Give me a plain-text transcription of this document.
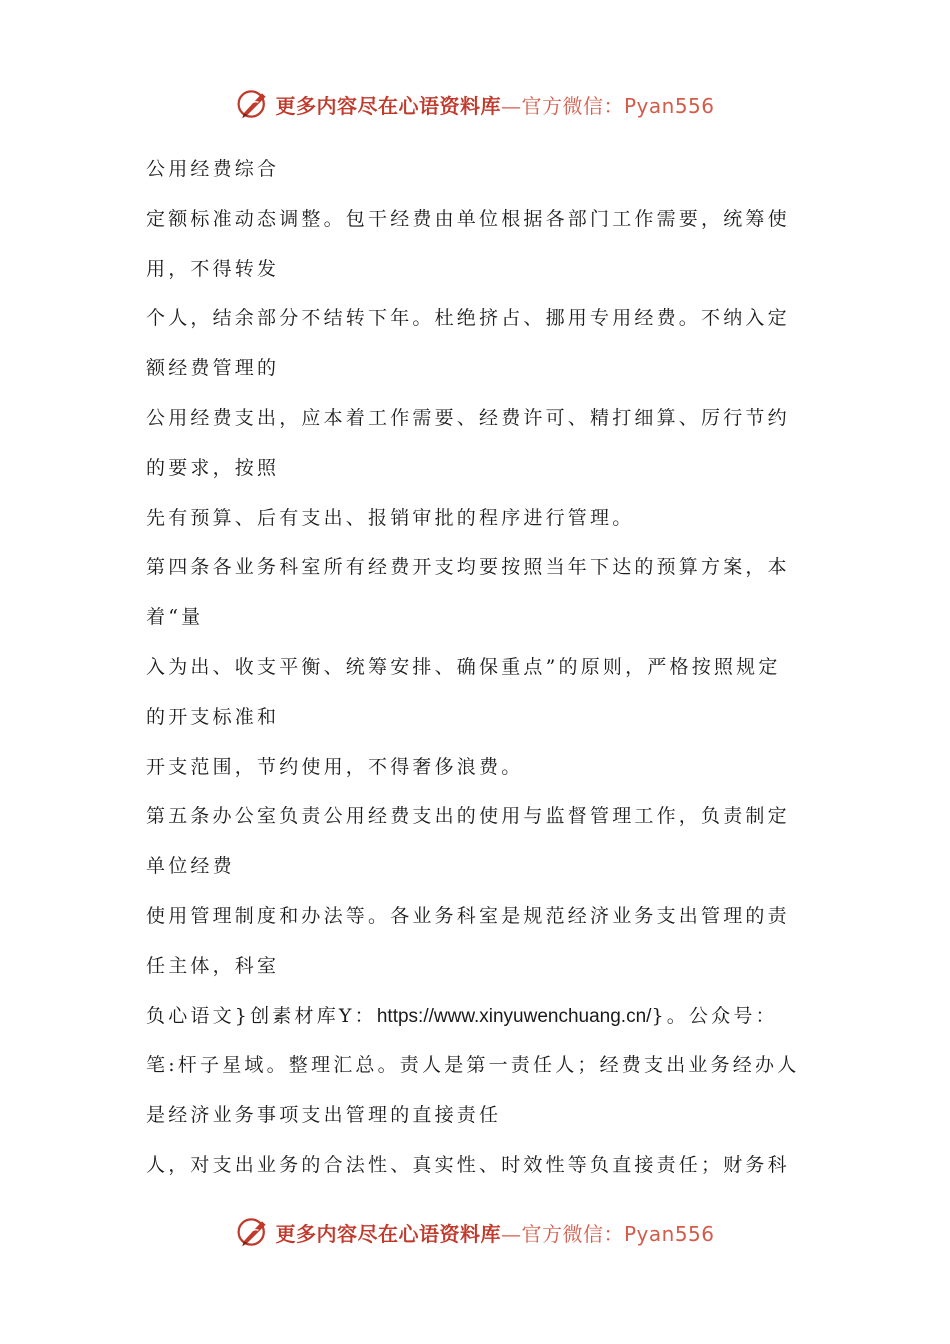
更多内容尽在心语资料库—官方微信：Pyan556
公用经费综合
定额标准动态调整。包干经费由单位根据各部门工作需要，统筹使
用，不得转发
个人，结余部分不结转下年。杜绝挤占、挪用专用经费。不纳入定
额经费管理的
公用经费支出，应本着工作需要、经费许可、精打细算、厉行节约
的要求，按照
先有预算、后有支出、报销审批的程序进行管理。
第四条各业务科室所有经费开支均要按照当年下达的预算方案，本
着“量
入为出、收支平衡、统筹安排、确保重点”的原则，严格按照规定
的开支标准和
开支范围，节约使用，不得奢侈浪费。
第五条办公室负责公用经费支出的使用与监督管理工作，负责制定
单位经费
使用管理制度和办法等。各业务科室是规范经济业务支出管理的责
任主体，科室
负心语文}创素材库Y：https://www.xinyuwenchuang.cn/}。公众号：
笔:杆子星域。整理汇总。责人是第一责任人；经费支出业务经办人
是经济业务事项支出管理的直接责任
人，对支出业务的合法性、真实性、时效性等负直接责任；财务科
更多内容尽在心语资料库—官方微信：Pyan556
